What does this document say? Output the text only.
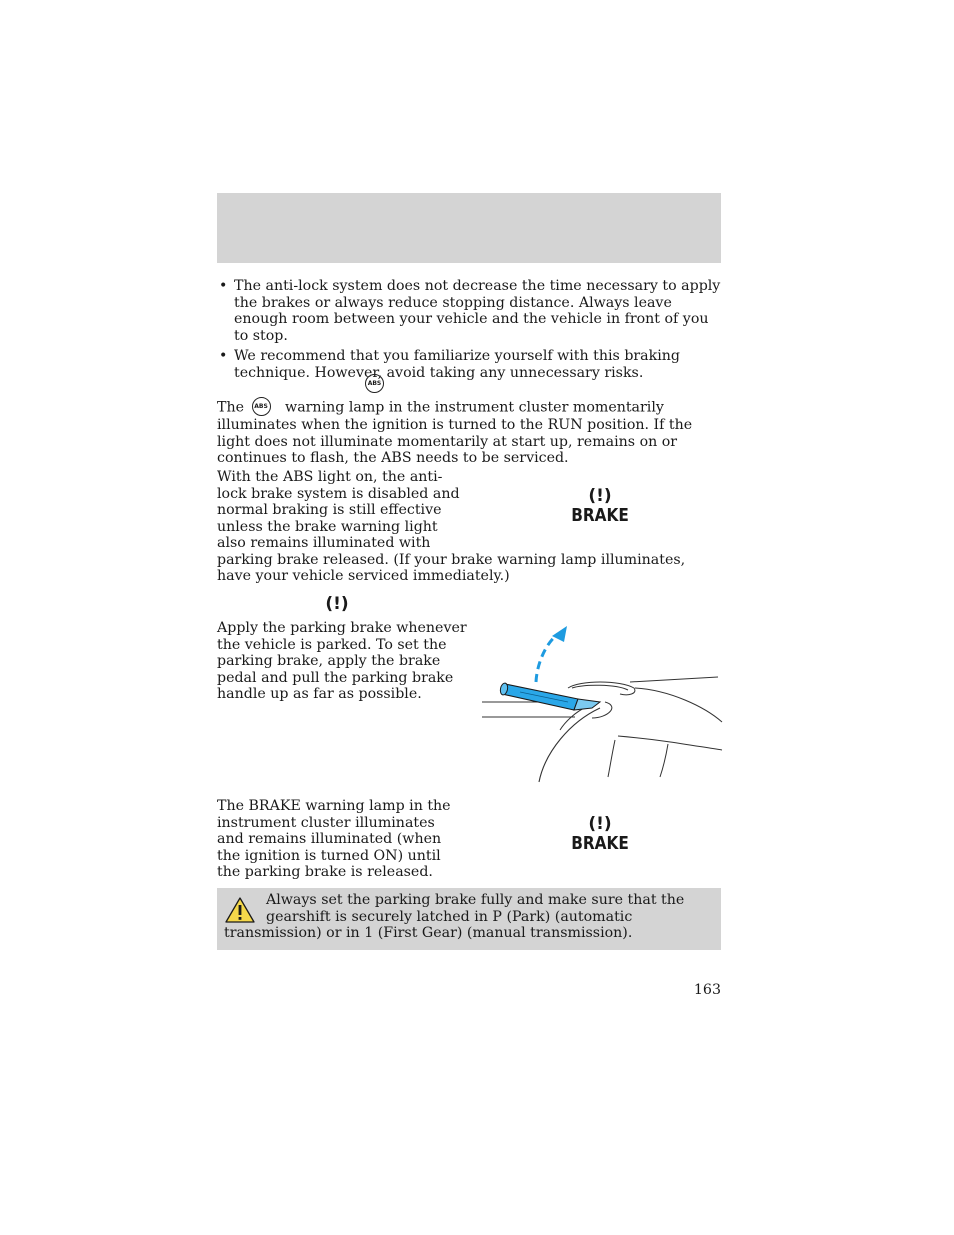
• The anti-lock system does not decrease the time necessary to apply the brakes or always reduce stopping distance. Always leave enough room between your vehicle and the vehicle in front of you to stop.
• We recommend that you familiarize yourself with this braking technique. However, avoid taking any unnecessary risks.
ABS

The ABS warning lamp in the instrument cluster momentarily illuminates when the ignition is turned to the RUN position. If the light does not illuminate momentarily at start up, remains on or continues to flash, the ABS needs to be serviced.

With the ABS light on, the anti-lock brake system is disabled and normal braking is still effective unless the brake warning light also remains illuminated with parking brake released. (If your brake warning lamp illuminates, have your vehicle serviced immediately.)

(!)
BRAKE
(!)

Apply the parking brake whenever the vehicle is parked. To set the parking brake, apply the brake pedal and pull the parking brake handle up as far as possible.

The BRAKE warning lamp in the instrument cluster illuminates and remains illuminated (when the ignition is turned ON) until the parking brake is released.

(!)
BRAKE

Always set the parking brake fully and make sure that the gearshift is securely latched in P (Park) (automatic transmission) or in 1 (First Gear) (manual transmission).

163
